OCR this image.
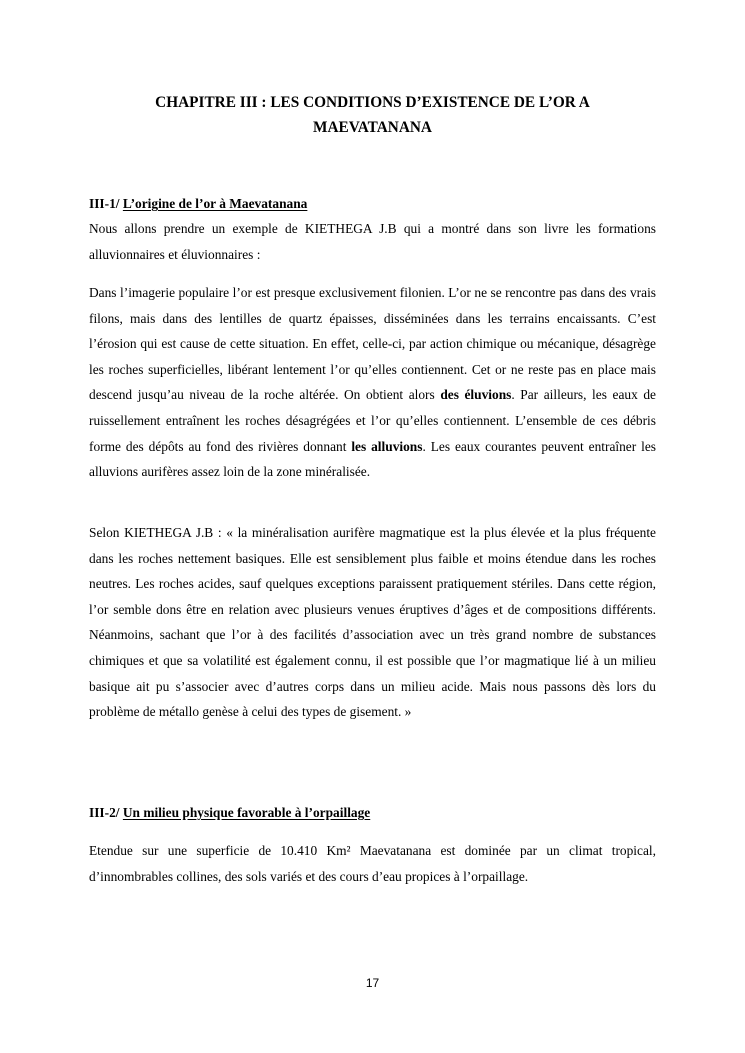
CHAPITRE III : LES CONDITIONS D’EXISTENCE DE L’OR A
MAEVATANANA
III-1/ L’origine de l’or à Maevatanana

Nous allons prendre un exemple de KIETHEGA J.B qui a montré dans son livre les formations alluvionnaires et éluvionnaires :

Dans l’imagerie populaire l’or est presque exclusivement filonien. L’or ne se rencontre pas dans des vrais filons, mais dans des lentilles de quartz épaisses, disséminées dans les terrains encaissants. C’est l’érosion qui est cause de cette situation. En effet, celle-ci, par action chimique ou mécanique, désagrège les roches superficielles, libérant lentement l’or qu’elles contiennent. Cet or ne reste pas en place mais descend jusqu’au niveau de la roche altérée. On obtient alors des éluvions. Par ailleurs, les eaux de ruissellement entraînent les roches désagrégées et l’or qu’elles contiennent. L’ensemble de ces débris forme des dépôts au fond des rivières donnant les alluvions. Les eaux courantes peuvent entraîner les alluvions aurifères assez loin de la zone minéralisée.

Selon KIETHEGA J.B : « la minéralisation aurifère magmatique est la plus élevée et la plus fréquente dans les roches nettement basiques. Elle est sensiblement plus faible et moins étendue dans les roches neutres. Les roches acides, sauf quelques exceptions paraissent pratiquement stériles. Dans cette région, l’or semble dons être en relation avec plusieurs venues éruptives d’âges et de compositions différents. Néanmoins, sachant que l’or à des facilités d’association avec un très grand nombre de substances chimiques et que sa volatilité est également connu, il est possible que l’or magmatique lié à un milieu basique ait pu s’associer avec d’autres corps dans un milieu acide. Mais nous passons dès lors du problème de métallo genèse à celui des types de gisement. »

III-2/ Un milieu physique favorable à l’orpaillage

Etendue sur une superficie de 10.410 Km² Maevatanana est dominée par un climat tropical, d’innombrables collines, des sols variés et des cours d’eau propices à l’orpaillage.

17
